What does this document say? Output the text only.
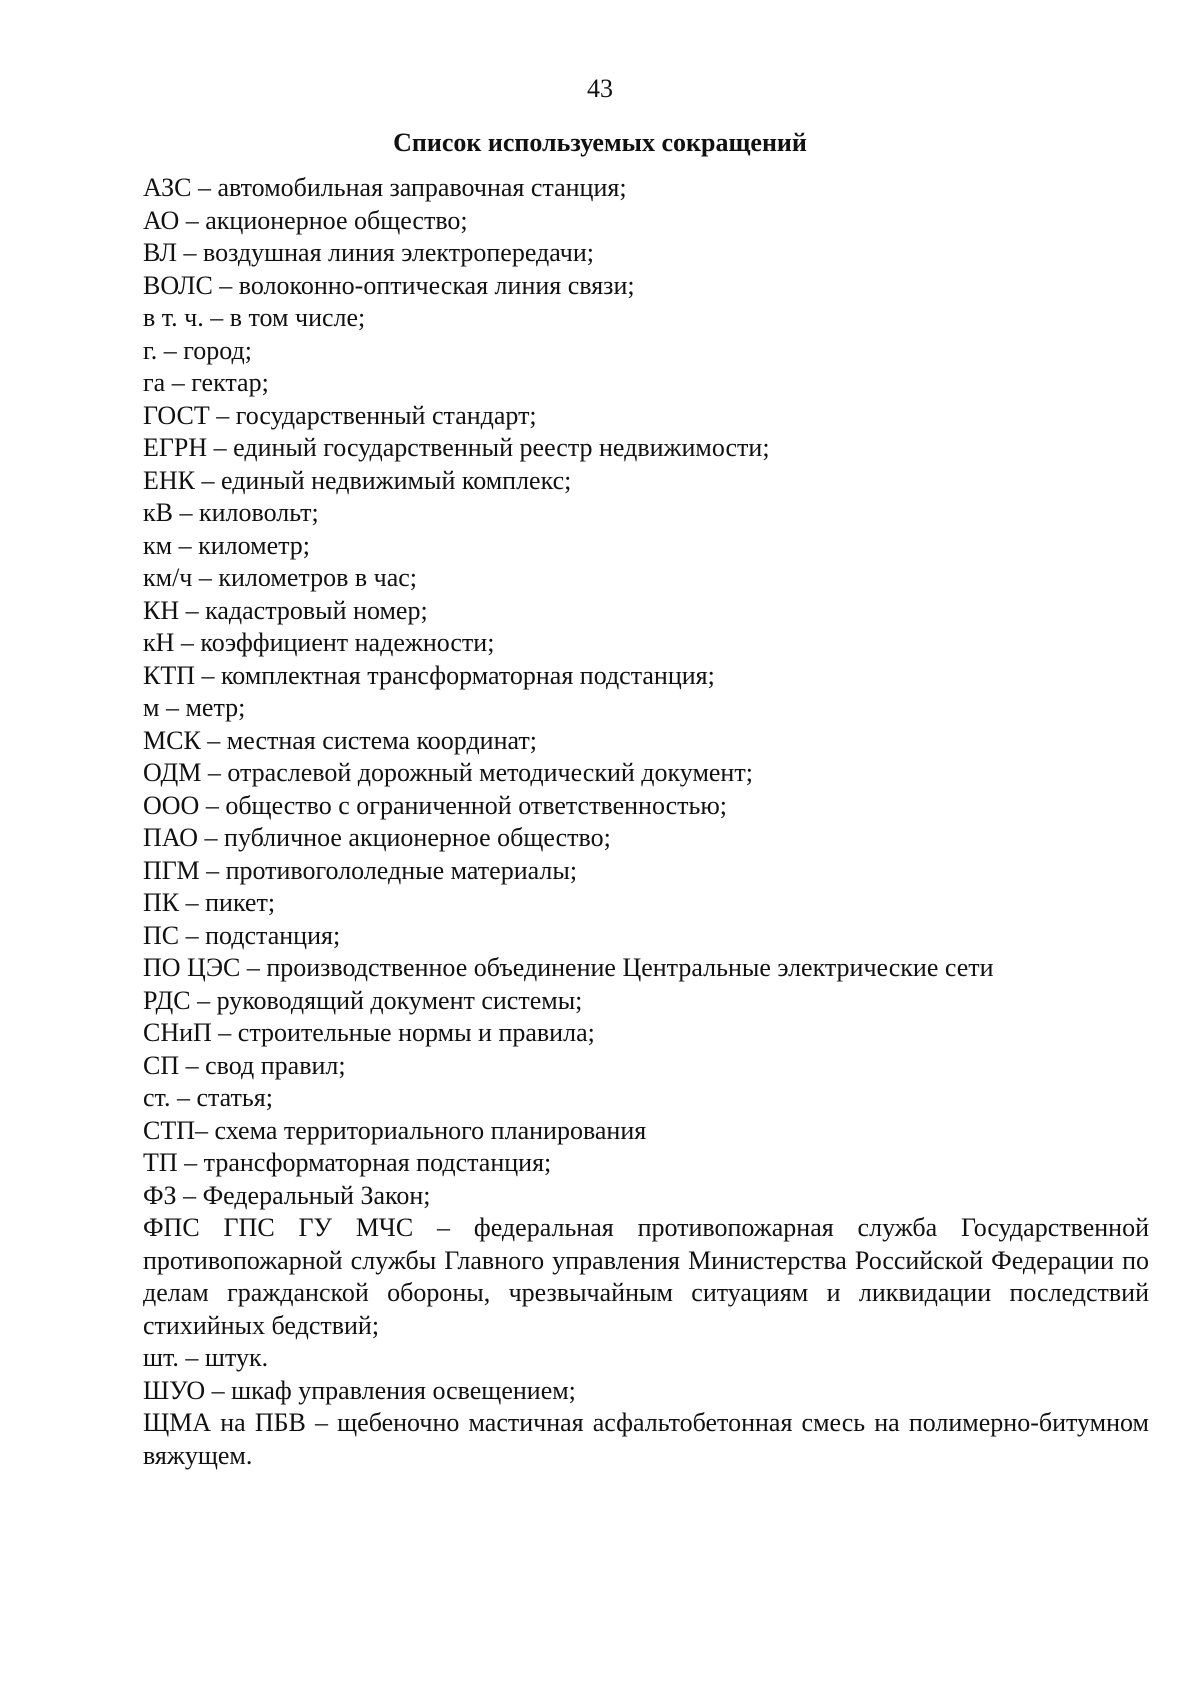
43
Список используемых сокращений
АЗС – автомобильная заправочная станция;
АО – акционерное общество;
ВЛ – воздушная линия электропередачи;
ВОЛС – волоконно-оптическая линия связи;
в т. ч. – в том числе;
г. – город;
га – гектар;
ГОСТ – государственный стандарт;
ЕГРН – единый государственный реестр недвижимости;
ЕНК – единый недвижимый комплекс;
кВ – киловольт;
км – километр;
км/ч – километров в час;
КН – кадастровый номер;
кН – коэффициент надежности;
КТП – комплектная трансформаторная подстанция;
м – метр;
МСК – местная система координат;
ОДМ – отраслевой дорожный методический документ;
ООО – общество с ограниченной ответственностью;
ПАО – публичное акционерное общество;
ПГМ – противогололедные материалы;
ПК – пикет;
ПС – подстанция;
ПО ЦЭС – производственное объединение Центральные электрические сети
РДС – руководящий документ системы;
СНиП – строительные нормы и правила;
СП – свод правил;
ст. – статья;
СТП– схема территориального планирования
ТП – трансформаторная подстанция;
ФЗ – Федеральный Закон;
ФПС ГПС ГУ МЧС – федеральная противопожарная служба Государственной противопожарной службы Главного управления Министерства Российской Федерации по делам гражданской обороны, чрезвычайным ситуациям и ликвидации последствий стихийных бедствий;
шт. – штук.
ШУО – шкаф управления освещением;
ЩМА на ПБВ – щебеночно мастичная асфальтобетонная смесь на полимерно-битумном вяжущем.
